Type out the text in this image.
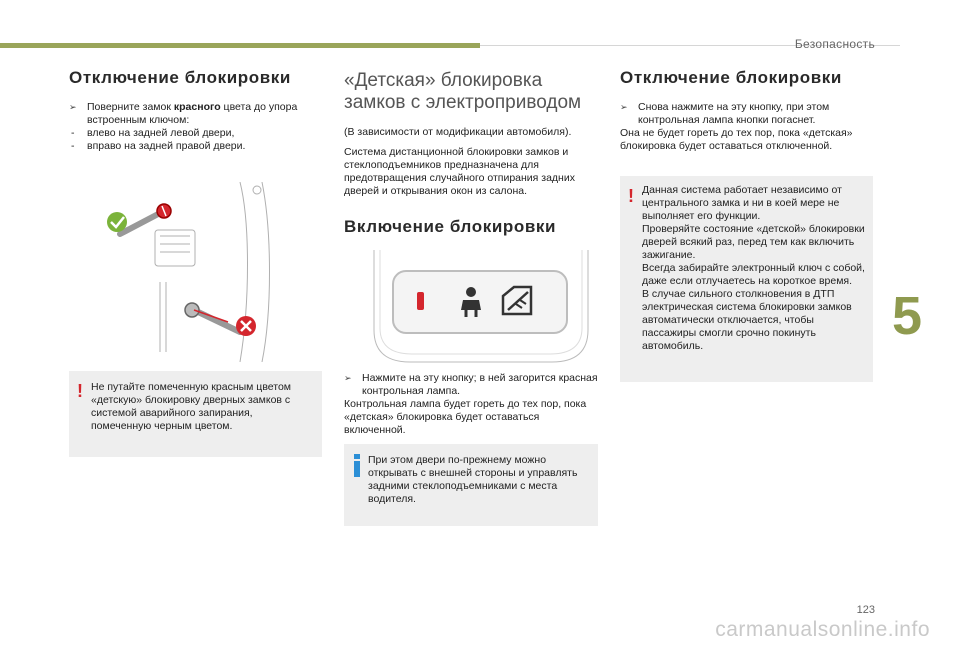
Безопасность
5
123
carmanualsonline.info
Отключение блокировки
➢ Поверните замок красного цвета до упора
встроенным ключом:
- влево на задней левой двери,
- вправо на задней правой двери.
! Не путайте помеченную красным цветом «детскую» блокировку дверных замков с системой аварийного запирания, помеченную черным цветом.
«Детская» блокировка замков с электроприводом

(В зависимости от модификации автомобиля).

Система дистанционной блокировки замков и стеклоподъемников предназначена для предотвращения случайного отпирания задних дверей и открывания окон из салона.

Включение блокировки
➢ Нажмите на эту кнопку; в ней загорится красная контрольная лампа.

Контрольная лампа будет гореть до тех пор, пока «детская» блокировка будет оставаться включенной.

При этом двери по-прежнему можно открывать с внешней стороны и управлять задними стеклоподъемниками с места водителя.
Отключение блокировки
➢ Снова нажмите на эту кнопку, при этом контрольная лампа кнопки погаснет.

Она не будет гореть до тех пор, пока «детская» блокировка будет оставаться отключенной.

! Данная система работает независимо от центрального замка и ни в коей мере не выполняет его функции.

Проверяйте состояние «детской» блокировки дверей всякий раз, перед тем как включить зажигание.

Всегда забирайте электронный ключ с собой, даже если отлучаетесь на короткое время.

В случае сильного столкновения в ДТП электрическая система блокировки замков автоматически отключается, чтобы пассажиры смогли срочно покинуть автомобиль.
